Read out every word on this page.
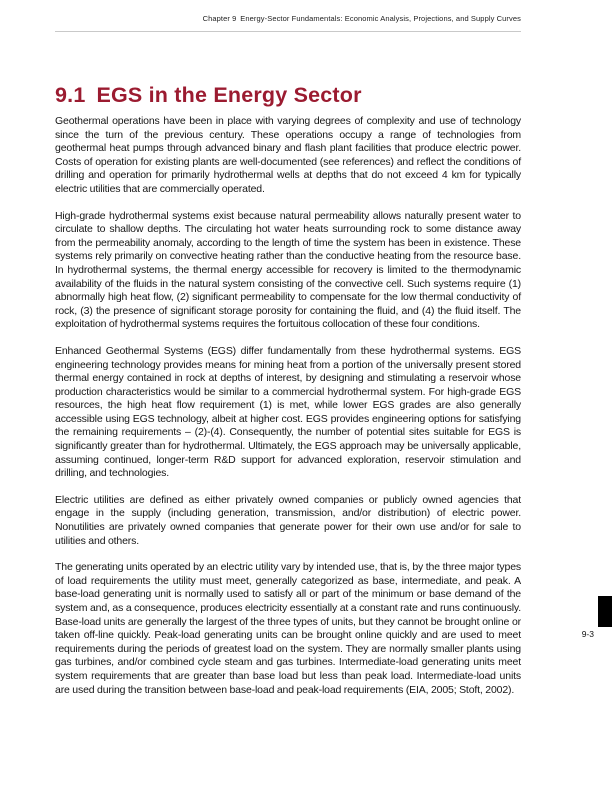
Chapter 9 Energy-Sector Fundamentals: Economic Analysis, Projections, and Supply Curves
9.1 EGS in the Energy Sector

Geothermal operations have been in place with varying degrees of complexity and use of technology since the turn of the previous century. These operations occupy a range of technologies from geothermal heat pumps through advanced binary and flash plant facilities that produce electric power. Costs of operation for existing plants are well-documented (see references) and reflect the conditions of drilling and operation for primarily hydrothermal wells at depths that do not exceed 4 km for typically electric utilities that are commercially operated.

High-grade hydrothermal systems exist because natural permeability allows naturally present water to circulate to shallow depths. The circulating hot water heats surrounding rock to some distance away from the permeability anomaly, according to the length of time the system has been in existence. These systems rely primarily on convective heating rather than the conductive heating from the resource base. In hydrothermal systems, the thermal energy accessible for recovery is limited to the thermodynamic availability of the fluids in the natural system consisting of the convective cell. Such systems require (1) abnormally high heat flow, (2) significant permeability to compensate for the low thermal conductivity of rock, (3) the presence of significant storage porosity for containing the fluid, and (4) the fluid itself. The exploitation of hydrothermal systems requires the fortuitous collocation of these four conditions.

Enhanced Geothermal Systems (EGS) differ fundamentally from these hydrothermal systems. EGS engineering technology provides means for mining heat from a portion of the universally present stored thermal energy contained in rock at depths of interest, by designing and stimulating a reservoir whose production characteristics would be similar to a commercial hydrothermal system. For high-grade EGS resources, the high heat flow requirement (1) is met, while lower EGS grades are also generally accessible using EGS technology, albeit at higher cost. EGS provides engineering options for satisfying the remaining requirements – (2)-(4). Consequently, the number of potential sites suitable for EGS is significantly greater than for hydrothermal. Ultimately, the EGS approach may be universally applicable, assuming continued, longer-term R&D support for advanced exploration, reservoir stimulation and drilling, and technologies.

Electric utilities are defined as either privately owned companies or publicly owned agencies that engage in the supply (including generation, transmission, and/or distribution) of electric power. Nonutilities are privately owned companies that generate power for their own use and/or for sale to utilities and others.

The generating units operated by an electric utility vary by intended use, that is, by the three major types of load requirements the utility must meet, generally categorized as base, intermediate, and peak. A base-load generating unit is normally used to satisfy all or part of the minimum or base demand of the system and, as a consequence, produces electricity essentially at a constant rate and runs continuously. Base-load units are generally the largest of the three types of units, but they cannot be brought online or taken off-line quickly. Peak-load generating units can be brought online quickly and are used to meet requirements during the periods of greatest load on the system. They are normally smaller plants using gas turbines, and/or combined cycle steam and gas turbines. Intermediate-load generating units meet system requirements that are greater than base load but less than peak load. Intermediate-load units are used during the transition between base-load and peak-load requirements (EIA, 2005; Stoft, 2002).

9-3
